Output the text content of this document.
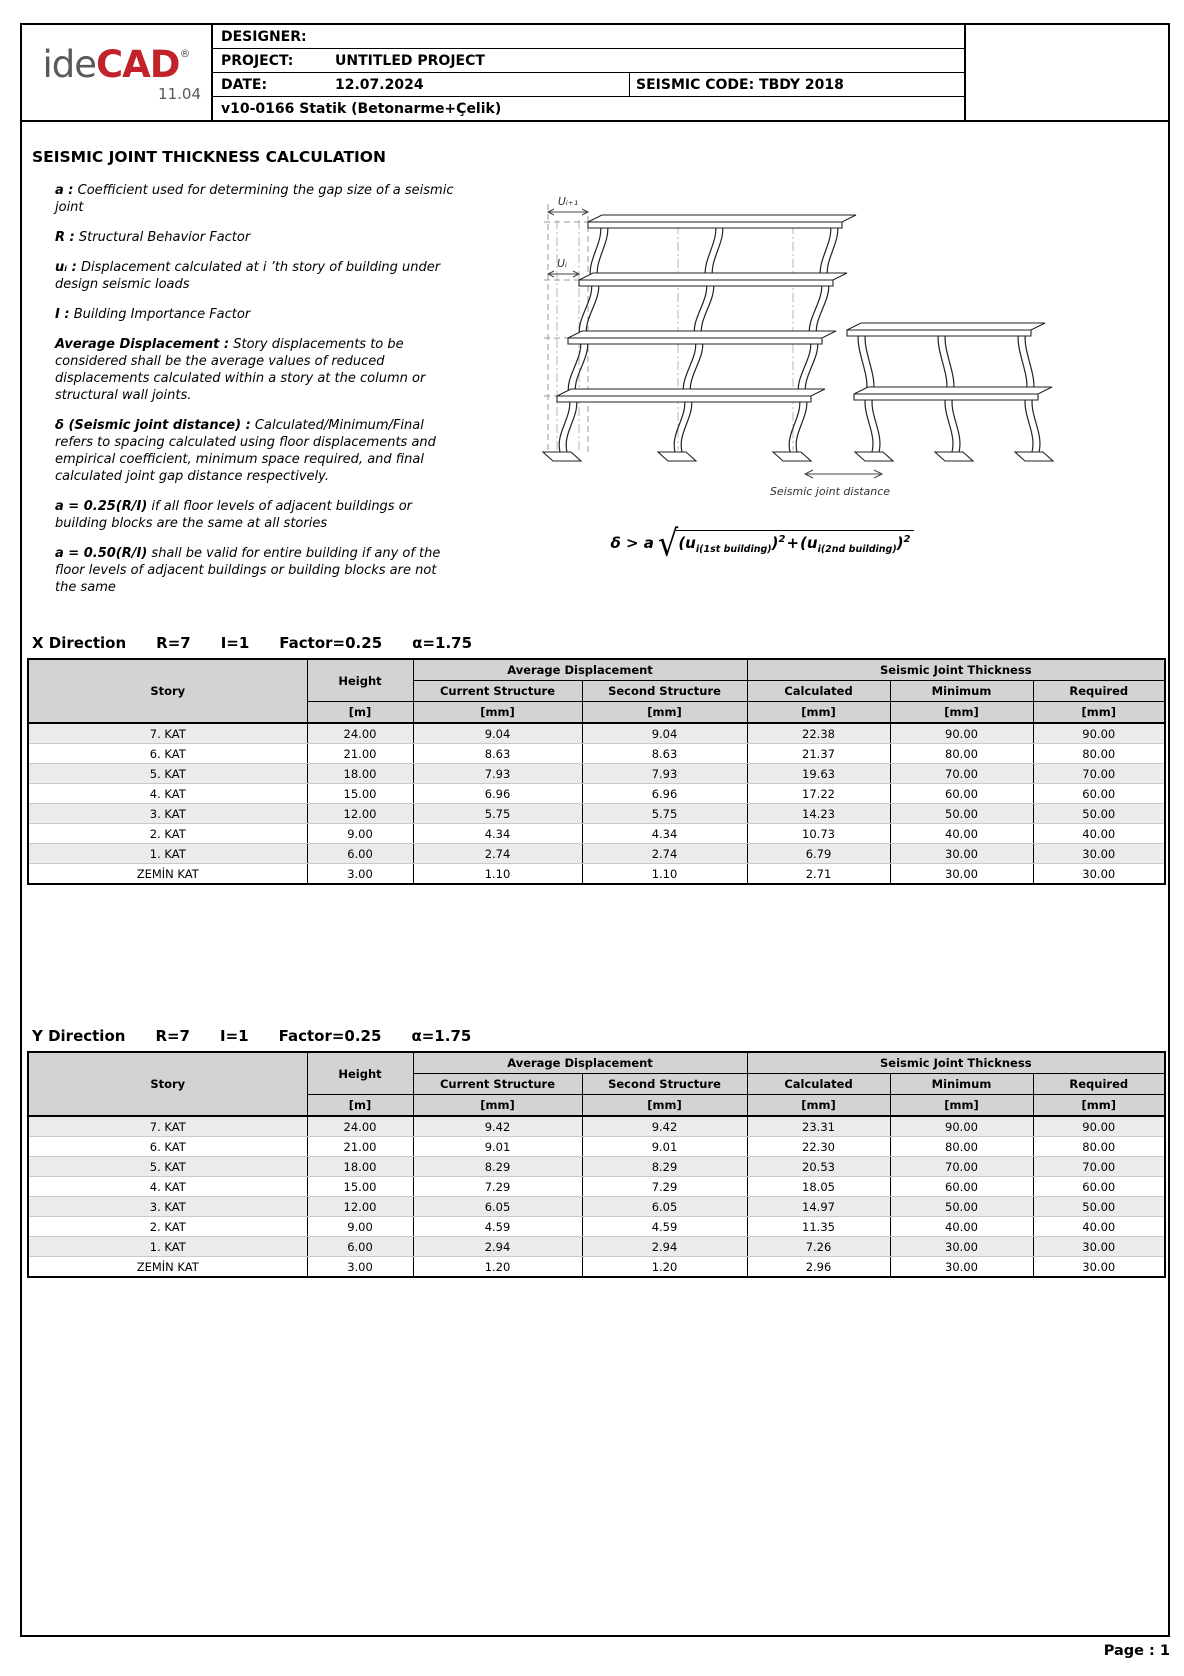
ide CAD ®
11.04
DESIGNER:
PROJECT:	UNTITLED PROJECT
DATE:	12.07.2024	SEISMIC CODE: TBDY 2018
v10-0166 Statik (Betonarme+Çelik)
SEISMIC JOINT THICKNESS CALCULATION

a : Coefficient used for determining the gap size of a seismic joint

R : Structural Behavior Factor

uᵢ : Displacement calculated at i ’th story of building under design seismic loads

I : Building Importance Factor

Average Displacement : Story displacements to be considered shall be the average values of reduced displacements calculated within a story at the column or structural wall joints.

δ (Seismic joint distance) : Calculated/Minimum/Final refers to spacing calculated using floor displacements and empirical coefficient, minimum space required, and final calculated joint gap distance respectively.

a = 0.25(R/I) if all floor levels of adjacent buildings or building blocks are the same at all stories

a = 0.50(R/I) shall be valid for entire building if any of the floor levels of adjacent buildings or building blocks are not the same

Uᵢ₊₁
Uᵢ
Seismic joint distance
δ > a √ $(u_{i(1st building)})^2+(u_{i(2nd building)})^2$
X Direction R=7 I=1 Factor=0.25 α=1.75
Story	Height	Average Displacement		Seismic Joint Thickness		
		Current Structure	Second Structure	Calculated	Minimum	Required
	[m]	[mm]	[mm]	[mm]	[mm]	[mm]
7. KAT	24.00	9.04	9.04	22.38	90.00	90.00
6. KAT	21.00	8.63	8.63	21.37	80.00	80.00
5. KAT	18.00	7.93	7.93	19.63	70.00	70.00
4. KAT	15.00	6.96	6.96	17.22	60.00	60.00
3. KAT	12.00	5.75	5.75	14.23	50.00	50.00
2. KAT	9.00	4.34	4.34	10.73	40.00	40.00
1. KAT	6.00	2.74	2.74	6.79	30.00	30.00
ZEMİN KAT	3.00	1.10	1.10	2.71	30.00	30.00
Y Direction R=7 I=1 Factor=0.25 α=1.75
Story	Height	Average Displacement		Seismic Joint Thickness		
		Current Structure	Second Structure	Calculated	Minimum	Required
	[m]	[mm]	[mm]	[mm]	[mm]	[mm]
7. KAT	24.00	9.42	9.42	23.31	90.00	90.00
6. KAT	21.00	9.01	9.01	22.30	80.00	80.00
5. KAT	18.00	8.29	8.29	20.53	70.00	70.00
4. KAT	15.00	7.29	7.29	18.05	60.00	60.00
3. KAT	12.00	6.05	6.05	14.97	50.00	50.00
2. KAT	9.00	4.59	4.59	11.35	40.00	40.00
1. KAT	6.00	2.94	2.94	7.26	30.00	30.00
ZEMİN KAT	3.00	1.20	1.20	2.96	30.00	30.00
Page : 1
